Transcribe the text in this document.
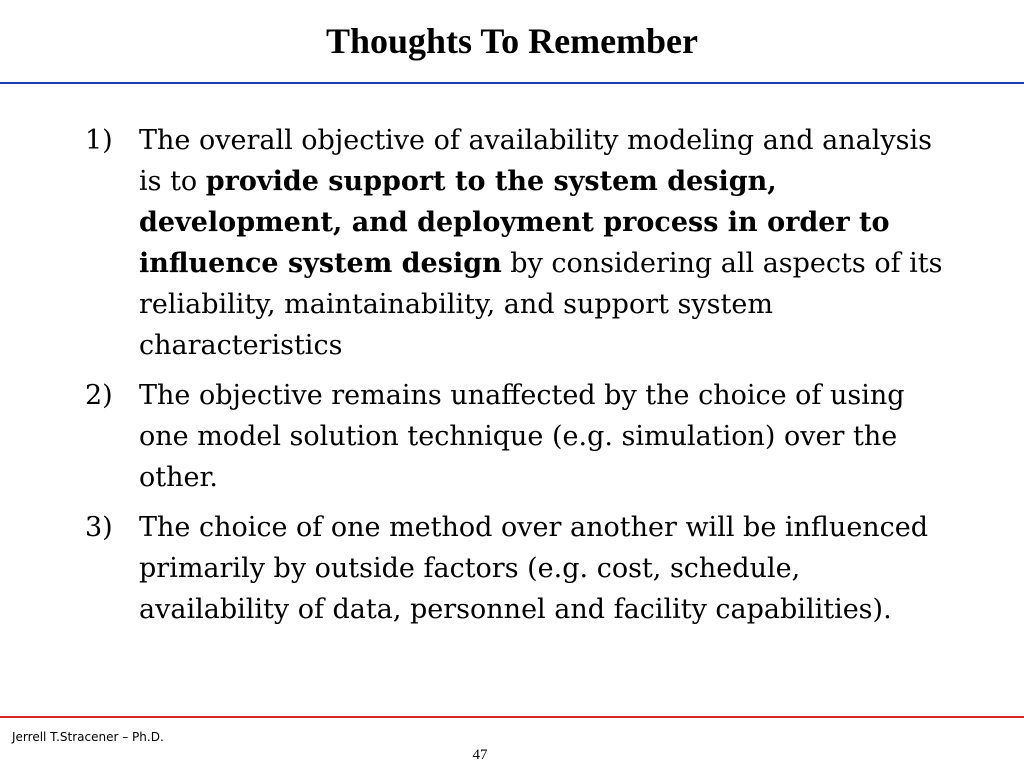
Thoughts To Remember
1) The overall objective of availability modeling and analysis is to provide support to the system design, development, and deployment process in order to influence system design by considering all aspects of its reliability, maintainability, and support system characteristics
2) The objective remains unaffected by the choice of using one model solution technique (e.g. simulation) over the other.
3) The choice of one method over another will be influenced primarily by outside factors (e.g. cost, schedule, availability of data, personnel and facility capabilities).
Jerrell T.Stracener – Ph.D.
47
